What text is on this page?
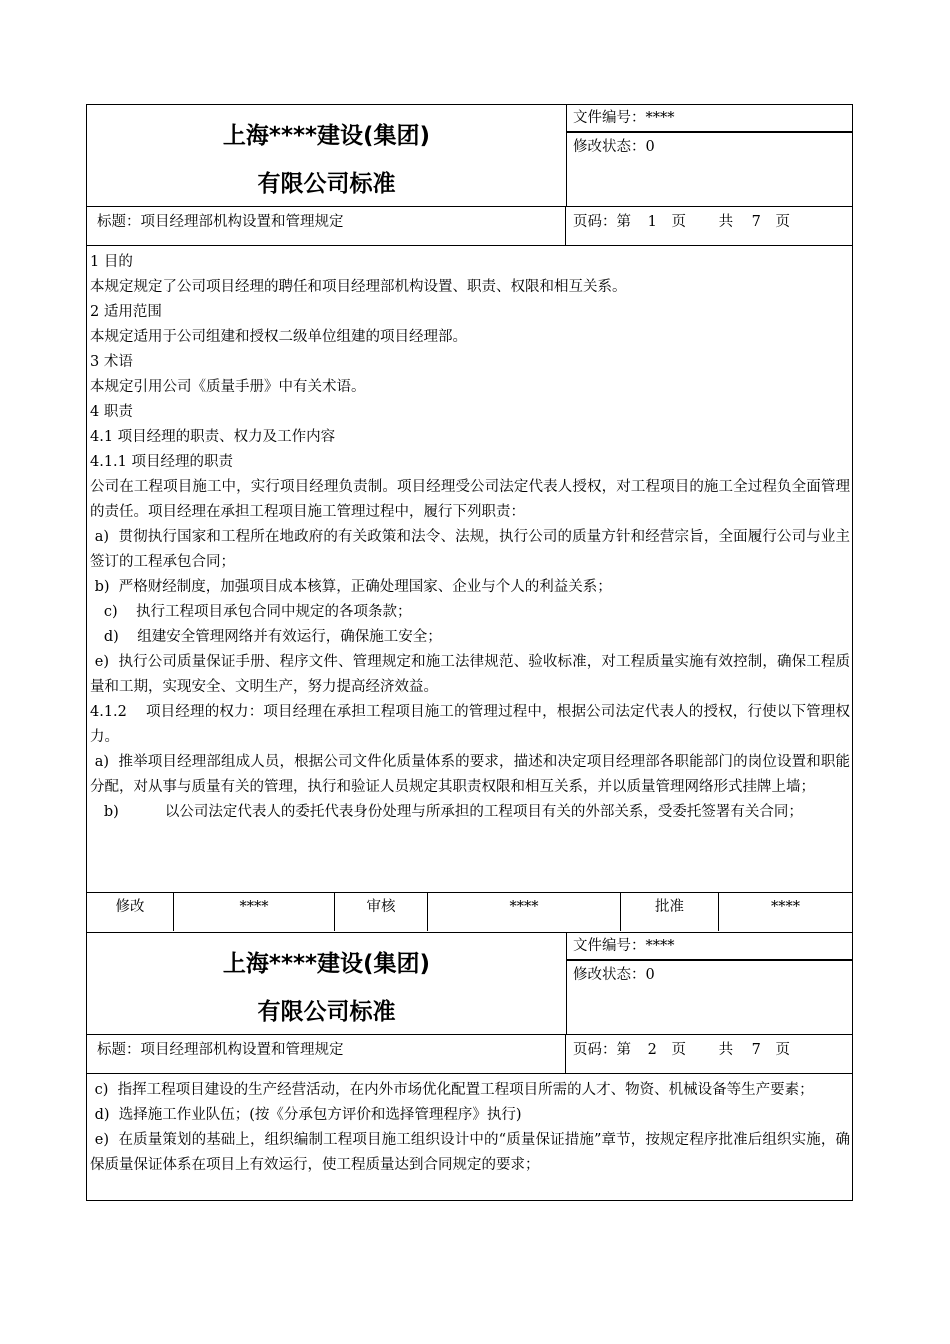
上海****建设(集团)
有限公司标准
文件编号：****
修改状态：0
标题：项目经理部机构设置和管理规定	页码：第 1 页 共 7 页

1 目的

本规定规定了公司项目经理的聘任和项目经理部机构设置、职责、权限和相互关系。

2 适用范围

本规定适用于公司组建和授权二级单位组建的项目经理部。

3 术语

本规定引用公司《质量手册》中有关术语。

4 职责

4.1 项目经理的职责、权力及工作内容

4.1.1 项目经理的职责

公司在工程项目施工中，实行项目经理负责制。项目经理受公司法定代表人授权，对工程项目的施工全过程负全面管理的责任。项目经理在承担工程项目施工管理过程中，履行下列职责：

a)  贯彻执行国家和工程所在地政府的有关政策和法令、法规，执行公司的质量方针和经营宗旨，全面履行公司与业主签订的工程承包合同；

b)  严格财经制度，加强项目成本核算，正确处理国家、企业与个人的利益关系；

c)    执行工程项目承包合同中规定的各项条款；

d)    组建安全管理网络并有效运行，确保施工安全；

e)  执行公司质量保证手册、程序文件、管理规定和施工法律规范、验收标准，对工程质量实施有效控制，确保工程质量和工期，实现安全、文明生产，努力提高经济效益。

4.1.2    项目经理的权力：项目经理在承担工程项目施工的管理过程中，根据公司法定代表人的授权，行使以下管理权力。

a)  推举项目经理部组成人员，根据公司文件化质量体系的要求，描述和决定项目经理部各职能部门的岗位设置和职能分配，对从事与质量有关的管理，执行和验证人员规定其职责权限和相互关系，并以质量管理网络形式挂牌上墙；

b)          以公司法定代表人的委托代表身份处理与所承担的工程项目有关的外部关系，受委托签署有关合同；

修改	****	审核	****	批准	****
上海****建设(集团)
有限公司标准
文件编号：****
修改状态：0
标题：项目经理部机构设置和管理规定	页码：第 2 页 共 7 页

c)  指挥工程项目建设的生产经营活动，在内外市场优化配置工程项目所需的人才、物资、机械设备等生产要素；

d)  选择施工作业队伍；(按《分承包方评价和选择管理程序》执行)

e)  在质量策划的基础上，组织编制工程项目施工组织设计中的“质量保证措施”章节，按规定程序批准后组织实施，确保质量保证体系在项目上有效运行，使工程质量达到合同规定的要求；
